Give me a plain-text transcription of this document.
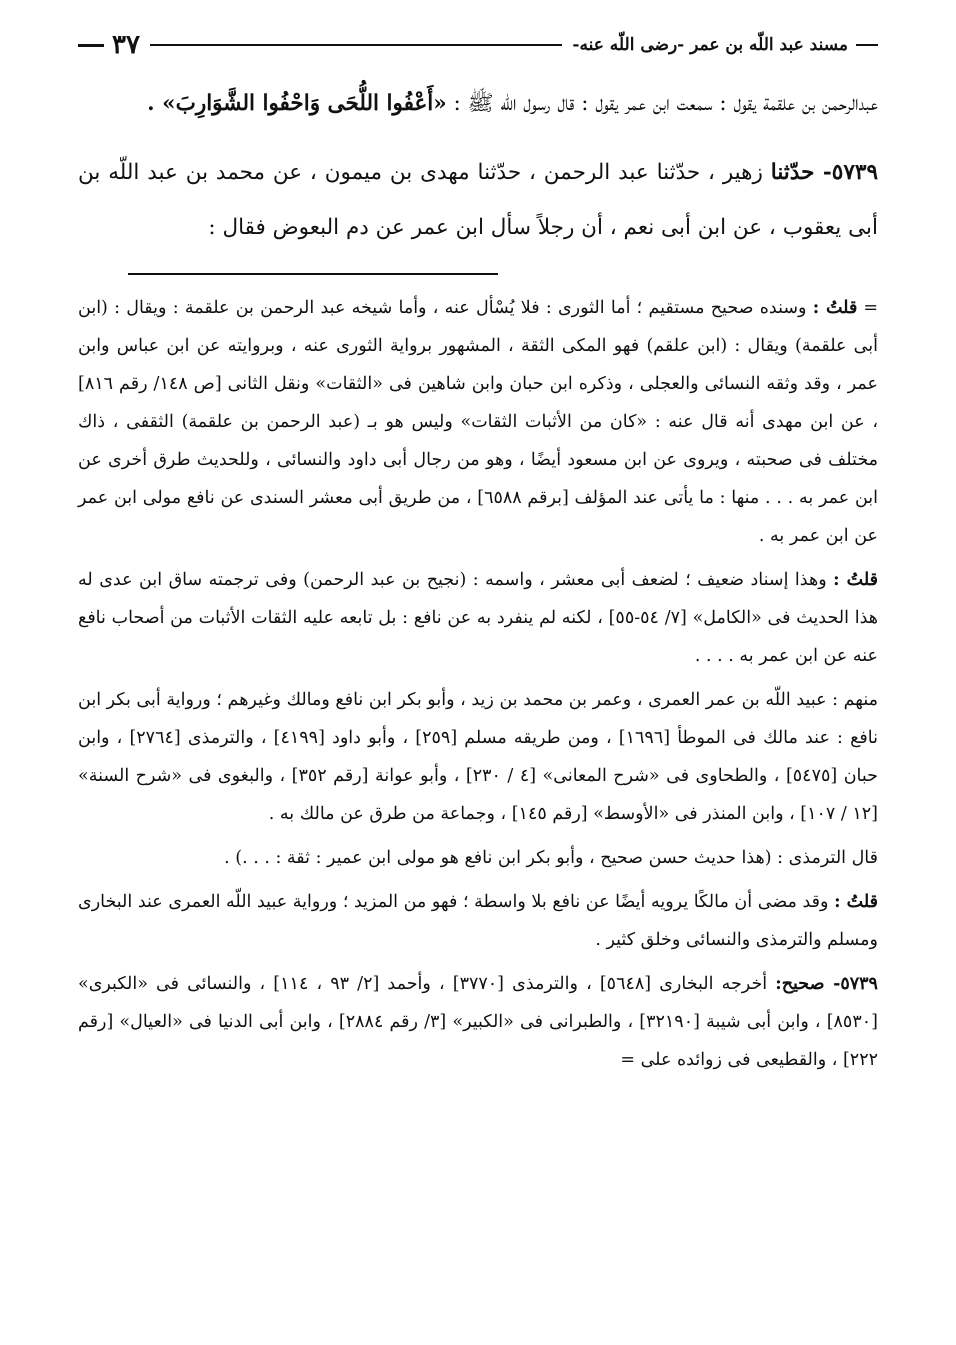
مسند عبد اللّه بن عمر -رضى اللّه عنه-
٣٧

عبدالرحمن بن علقمة يقول : سمعت ابن عمر يقول : قال رسول اللّه ﷺ : «أَعْفُوا اللُّحَى وَاحْفُوا الشَّوَارِبَ» .

٥٧٣٩- حدّثنا زهير ، حدّثنا عبد الرحمن ، حدّثنا مهدى بن ميمون ، عن محمد بن عبد اللّه بن أبى يعقوب ، عن ابن أبى نعم ، أن رجلاً سأل ابن عمر عن دم البعوض فقال :

=قلتُ : وسنده صحيح مستقيم ؛ أما الثورى : فلا يُسْأل عنه ، وأما شيخه عبد الرحمن بن علقمة : ويقال : (ابن أبى علقمة) ويقال : (ابن علقم) فهو المكى الثقة ، المشهور برواية الثورى عنه ، وبروايته عن ابن عباس وابن عمر ، وقد وثقه النسائى والعجلى ، وذكره ابن حبان وابن شاهين فى «الثقات» ونقل الثانى [ص ١٤٨/ رقم ٨١٦] ، عن ابن مهدى أنه قال عنه : «كان من الأثبات الثقات» وليس هو بـ (عبد الرحمن بن علقمة) الثقفى ، ذاك مختلف فى صحبته ، ويروى عن ابن مسعود أيضًا ، وهو من رجال أبى داود والنسائى ، وللحديث طرق أخرى عن ابن عمر به . . . منها : ما يأتى عند المؤلف [برقم ٦٥٨٨] ، من طريق أبى معشر السندى عن نافع مولى ابن عمر عن ابن عمر به .

قلتُ : وهذا إسناد ضعيف ؛ لضعف أبى معشر ، واسمه : (نجيح بن عبد الرحمن) وفى ترجمته ساق ابن عدى له هذا الحديث فى «الكامل» [٧/ ٥٤-٥٥] ، لكنه لم ينفرد به عن نافع : بل تابعه عليه الثقات الأثبات من أصحاب نافع عنه عن ابن عمر به . . . .

منهم : عبيد اللّه بن عمر العمرى ، وعمر بن محمد بن زيد ، وأبو بكر ابن نافع ومالك وغيرهم ؛ ورواية أبى بكر ابن نافع : عند مالك فى الموطأ [١٦٩٦] ، ومن طريقه مسلم [٢٥٩] ، وأبو داود [٤١٩٩] ، والترمذى [٢٧٦٤] ، وابن حبان [٥٤٧٥] ، والطحاوى فى «شرح المعانى» [٤ / ٢٣٠] ، وأبو عوانة [رقم ٣٥٢] ، والبغوى فى «شرح السنة» [١٢ / ١٠٧] ، وابن المنذر فى «الأوسط» [رقم ١٤٥] ، وجماعة من طرق عن مالك به .

قال الترمذى : (هذا حديث حسن صحيح ، وأبو بكر ابن نافع هو مولى ابن عمير : ثقة : . . .) .

قلتُ : وقد مضى أن مالكًا يرويه أيضًا عن نافع بلا واسطة ؛ فهو من المزيد ؛ ورواية عبيد اللّه العمرى عند البخارى ومسلم والترمذى والنسائى وخلق كثير .

٥٧٣٩- صحيح: أخرجه البخارى [٥٦٤٨] ، والترمذى [٣٧٧٠] ، وأحمد [٢/ ٩٣ ، ١١٤] ، والنسائى فى «الكبرى» [٨٥٣٠] ، وابن أبى شيبة [٣٢١٩٠] ، والطبرانى فى «الكبير» [٣/ رقم ٢٨٨٤] ، وابن أبى الدنيا فى «العيال» [رقم ٢٢٢] ، والقطيعى فى زوائده على =
